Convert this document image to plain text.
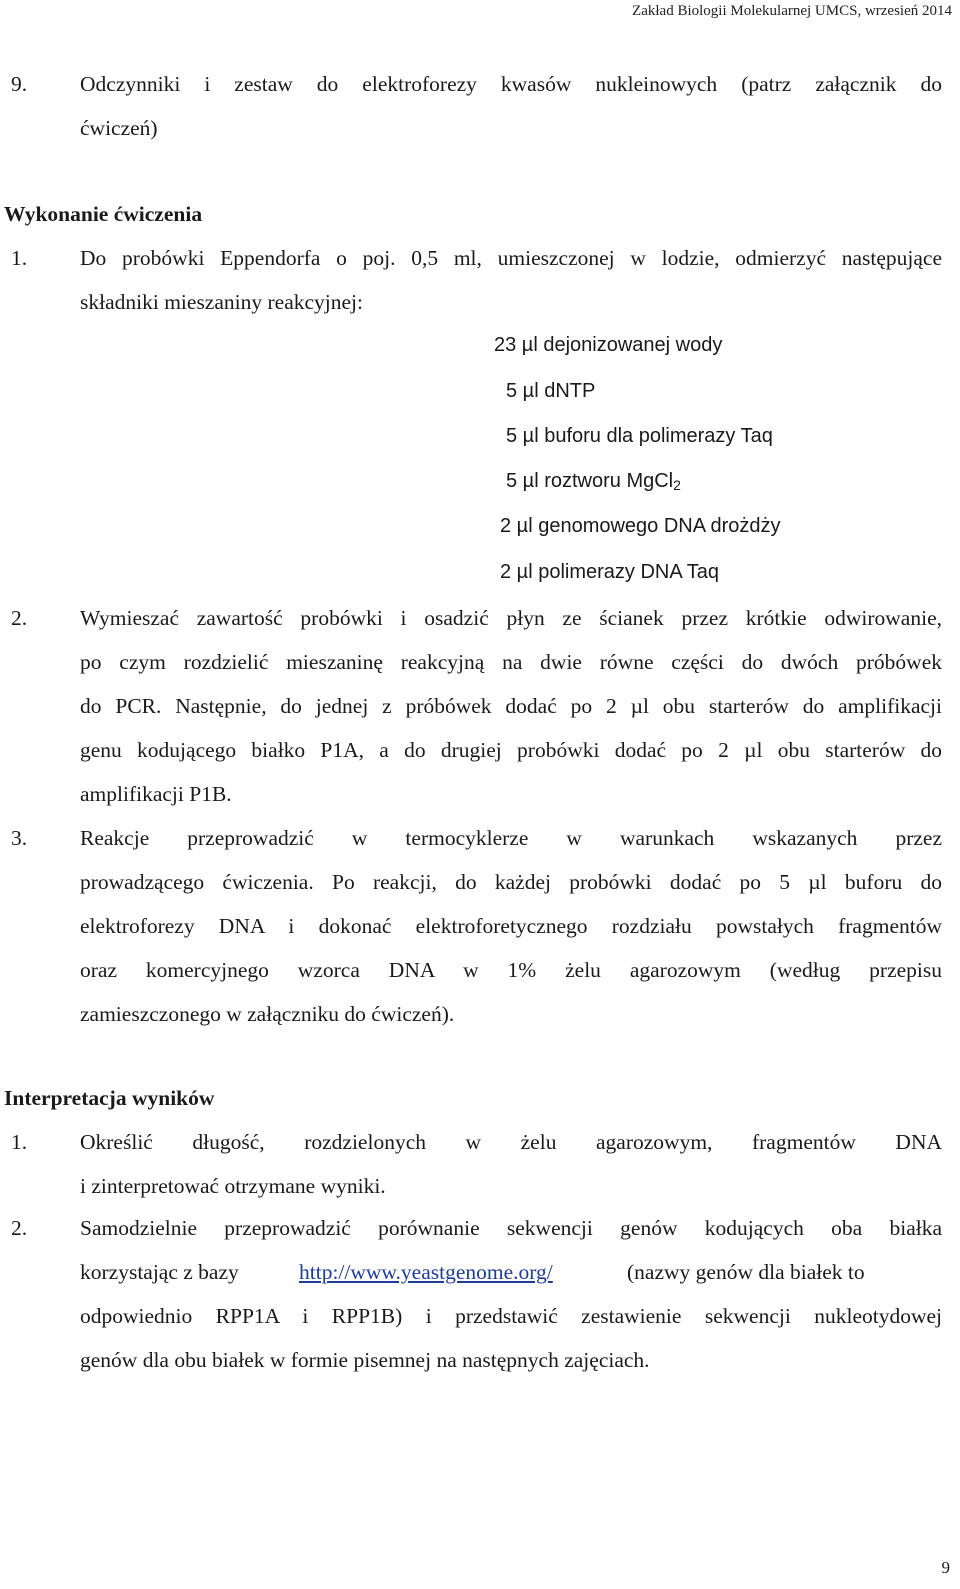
Zakład Biologii Molekularnej UMCS, wrzesień 2014
9. Odczynniki i zestaw do elektroforezy kwasów nukleinowych (patrz załącznik do
ćwiczeń)
Wykonanie ćwiczenia
1. Do probówki Eppendorfa o poj. 0,5 ml, umieszczonej w lodzie, odmierzyć następujące
składniki mieszaniny reakcyjnej:
23 µl dejonizowanej wody
5 µl dNTP
5 µl buforu dla polimerazy Taq
5 µl roztworu MgCl$_2$
2 µl genomowego DNA drożdży
2 µl polimerazy DNA Taq
2. Wymieszać zawartość probówki i osadzić płyn ze ścianek przez krótkie odwirowanie,
po czym rozdzielić mieszaninę reakcyjną na dwie równe części do dwóch próbówek
do PCR. Następnie, do jednej z próbówek dodać po 2 µl obu starterów do amplifikacji
genu kodującego białko P1A, a do drugiej probówki dodać po 2 µl obu starterów do
amplifikacji P1B.
3. Reakcje przeprowadzić w termocyklerze w warunkach wskazanych przez
prowadzącego ćwiczenia. Po reakcji, do każdej probówki dodać po 5 µl buforu do
elektroforezy DNA i dokonać elektroforetycznego rozdziału powstałych fragmentów
oraz komercyjnego wzorca DNA w 1% żelu agarozowym (według przepisu
zamieszczonego w załączniku do ćwiczeń).
Interpretacja wyników
1. Określić długość, rozdzielonych w żelu agarozowym, fragmentów DNA
i zinterpretować otrzymane wyniki.
2. Samodzielnie przeprowadzić porównanie sekwencji genów kodujących oba białka
korzystając z bazy	http://www.yeastgenome.org/	(nazwy genów dla białek to
odpowiednio RPP1A i RPP1B) i przedstawić zestawienie sekwencji nukleotydowej
genów dla obu białek w formie pisemnej na następnych zajęciach.
9
